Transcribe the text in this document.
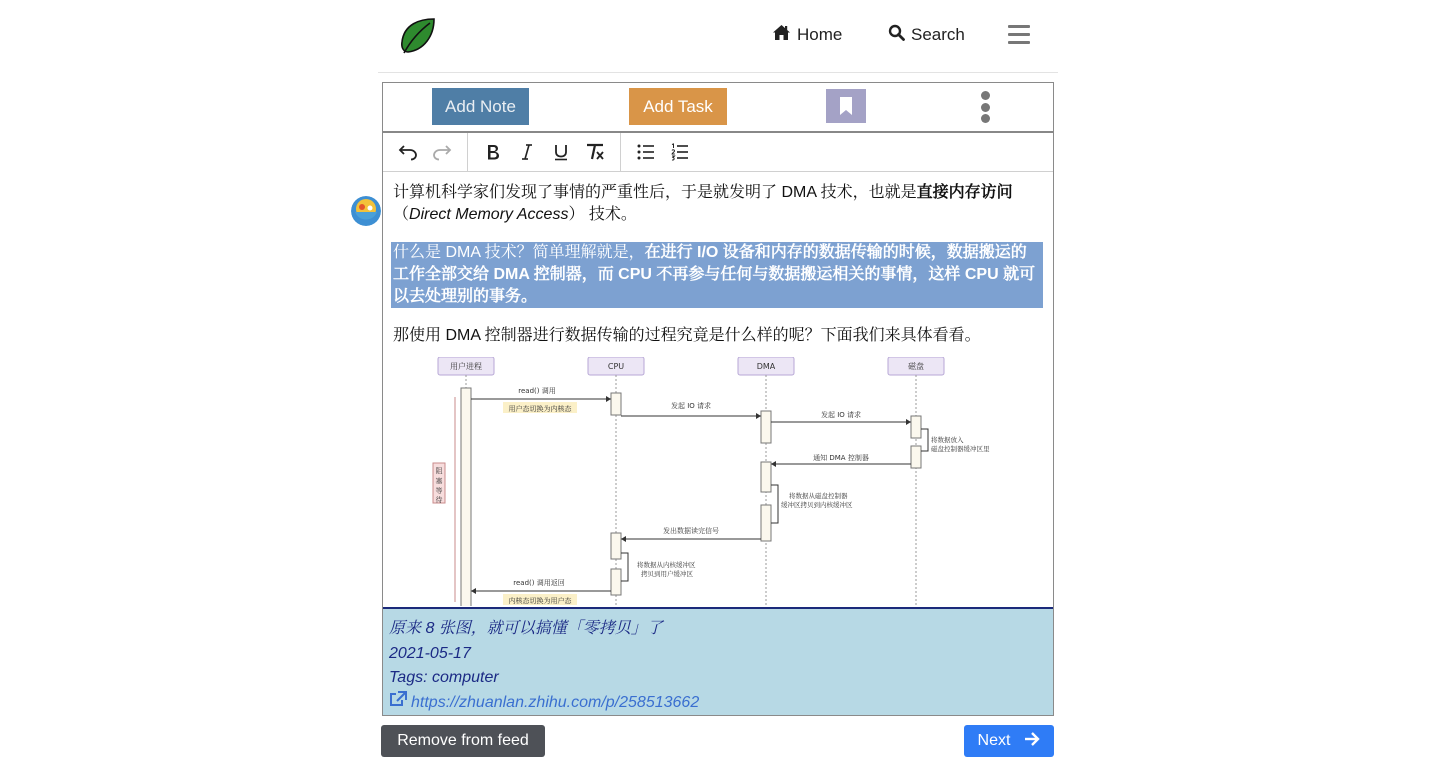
Home	Search
Add Note	Add Task

计算机科学家们发现了事情的严重性后，于是就发明了 DMA 技术，也就是直接内存访问
（Direct Memory Access） 技术。

什么是 DMA 技术？简单理解就是，在进行 I/O 设备和内存的数据传输的时候，数据搬运的工作全部交给 DMA 控制器，而 CPU 不再参与任何与数据搬运相关的事情，这样 CPU 就可以去处理别的事务。

那使用 DMA 控制器进行数据传输的过程究竟是什么样的呢？下面我们来具体看看。

用户进程	CPU	DMA	磁盘
阻
塞
等
待
read() 调用
用户态切换为内核态	发起 IO 请求
发起 IO 请求
将数据放入
磁盘控制器缓冲区里
通知 DMA 控制器
将数据从磁盘控制器
缓冲区拷贝到内核缓冲区
发出数据读完信号
将数据从内核缓冲区
拷贝到用户缓冲区
read() 调用返回
内核态切换为用户态
原来 8 张图，就可以搞懂「零拷贝」了
2021-05-17
Tags: computer
https://zhuanlan.zhihu.com/p/258513662
Remove from feed	Next
